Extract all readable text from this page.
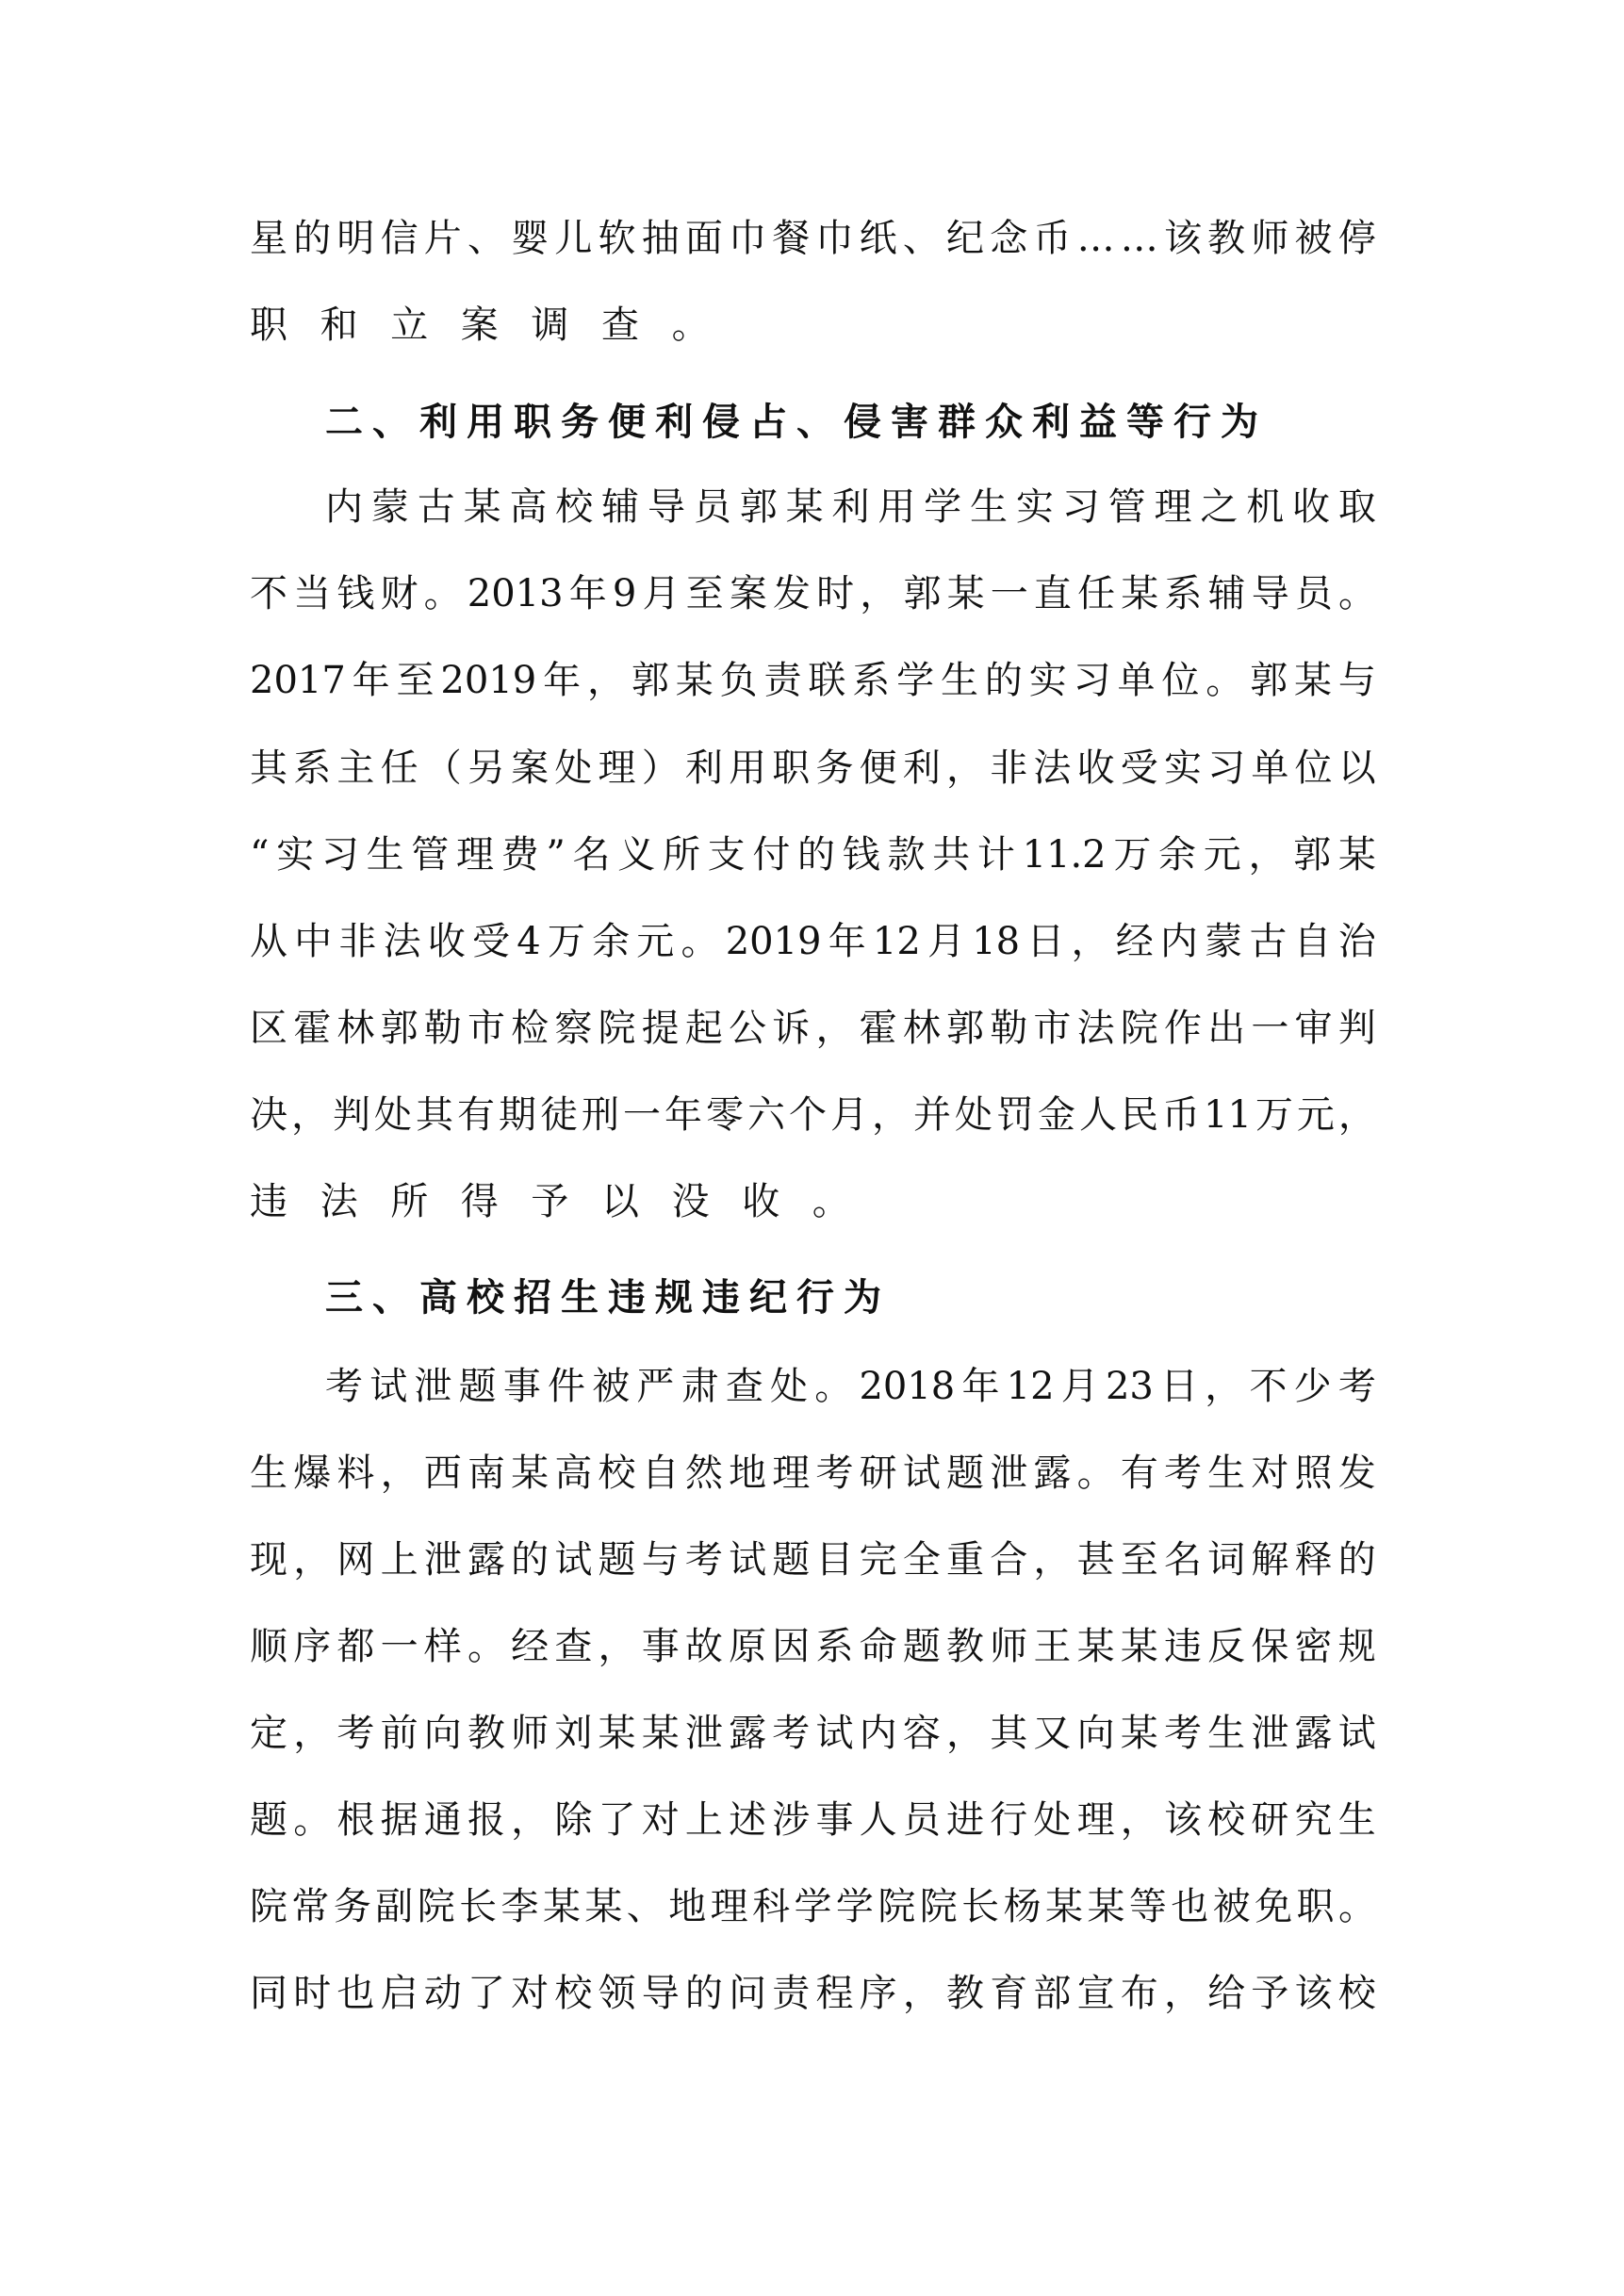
星 的 明 信 片 、 婴 儿 软 抽 面 巾 餐 巾 纸 、 纪 念 币 … … 该 教 师 被 停
职和立案调查。
二、利用职务便利侵占、侵害群众利益等行为
内 蒙 古 某 高 校 辅 导 员 郭 某 利 用 学 生 实 习 管 理 之 机 收 取
不 当 钱 财 。 2013 年 9 月 至 案 发 时 ， 郭 某 一 直 任 某 系 辅 导 员 。
2017 年 至 2019 年 ， 郭 某 负 责 联 系 学 生 的 实 习 单 位 。 郭 某 与
其 系 主 任 （ 另 案 处 理 ） 利 用 职 务 便 利 ， 非 法 收 受 实 习 单 位 以
“ 实 习 生 管 理 费 ” 名 义 所 支 付 的 钱 款 共 计 11.2 万 余 元 ， 郭 某
从 中 非 法 收 受 4 万 余 元 。 2019 年 12 月 18 日 ， 经 内 蒙 古 自 治
区 霍 林 郭 勒 市 检 察 院 提 起 公 诉 ， 霍 林 郭 勒 市 法 院 作 出 一 审 判
决 ， 判 处 其 有 期 徒 刑 一 年 零 六 个 月 ， 并 处 罚 金 人 民 币 11 万 元 ，
违法所得予以没收。
三、高校招生违规违纪行为
考 试 泄 题 事 件 被 严 肃 查 处 。 2018 年 12 月 23 日 ， 不 少 考
生 爆 料 ， 西 南 某 高 校 自 然 地 理 考 研 试 题 泄 露 。 有 考 生 对 照 发
现 ， 网 上 泄 露 的 试 题 与 考 试 题 目 完 全 重 合 ， 甚 至 名 词 解 释 的
顺 序 都 一 样 。 经 查 ， 事 故 原 因 系 命 题 教 师 王 某 某 违 反 保 密 规
定 ， 考 前 向 教 师 刘 某 某 泄 露 考 试 内 容 ， 其 又 向 某 考 生 泄 露 试
题 。 根 据 通 报 ， 除 了 对 上 述 涉 事 人 员 进 行 处 理 ， 该 校 研 究 生
院 常 务 副 院 长 李 某 某 、 地 理 科 学 学 院 院 长 杨 某 某 等 也 被 免 职 。
同 时 也 启 动 了 对 校 领 导 的 问 责 程 序 ， 教 育 部 宣 布 ， 给 予 该 校
